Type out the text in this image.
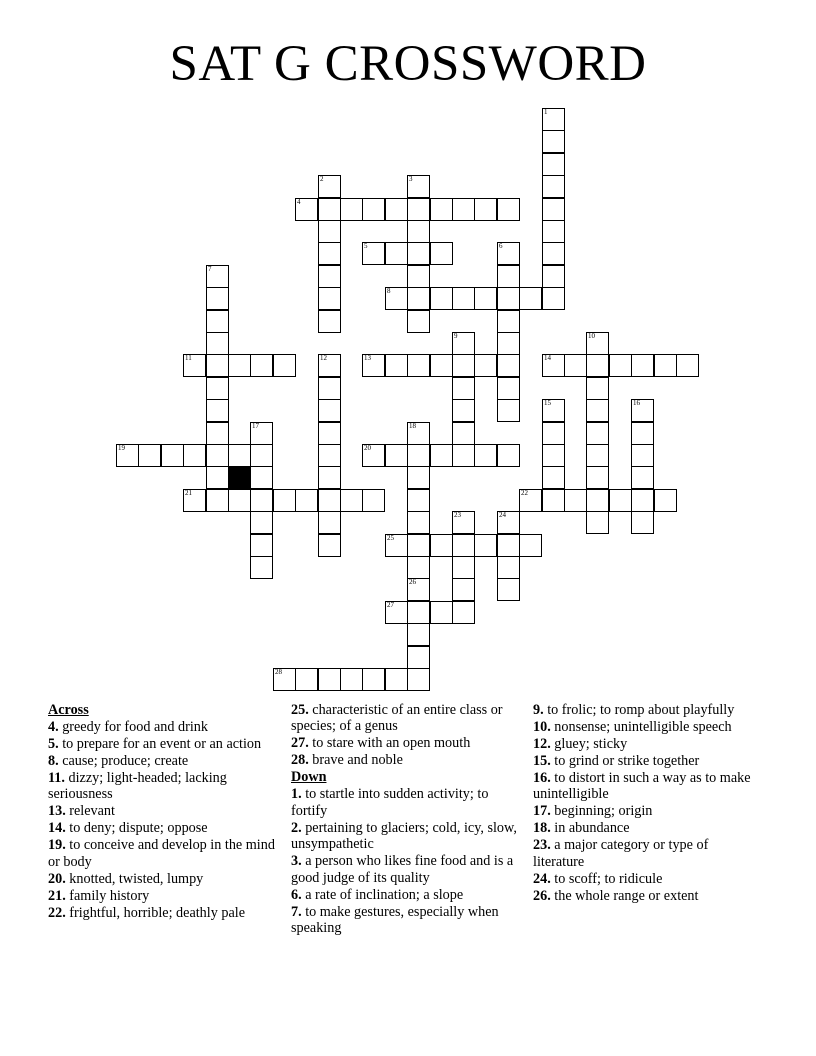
SAT G CROSSWORD
1
2	3
4
5	6
7
8
9	10
11	12	13	14
15	16
17	18
26
19	20
21	22
23	24
25
27
28
Across
4. greedy for food and drink
5. to prepare for an event or an action
8. cause; produce; create
11. dizzy; light-headed; lacking seriousness
13. relevant
14. to deny; dispute; oppose
19. to conceive and develop in the mind or body
20. knotted, twisted, lumpy
21. family history
22. frightful, horrible; deathly pale
25. characteristic of an entire class or species; of a genus
27. to stare with an open mouth
28. brave and noble
Down
1. to startle into sudden activity; to fortify
2. pertaining to glaciers; cold, icy, slow, unsympathetic
3. a person who likes fine food and is a good judge of its quality
6. a rate of inclination; a slope
7. to make gestures, especially when speaking
9. to frolic; to romp about playfully
10. nonsense; unintelligible speech
12. gluey; sticky
15. to grind or strike together
16. to distort in such a way as to make unintelligible
17. beginning; origin
18. in abundance
23. a major category or type of literature
24. to scoff; to ridicule
26. the whole range or extent
